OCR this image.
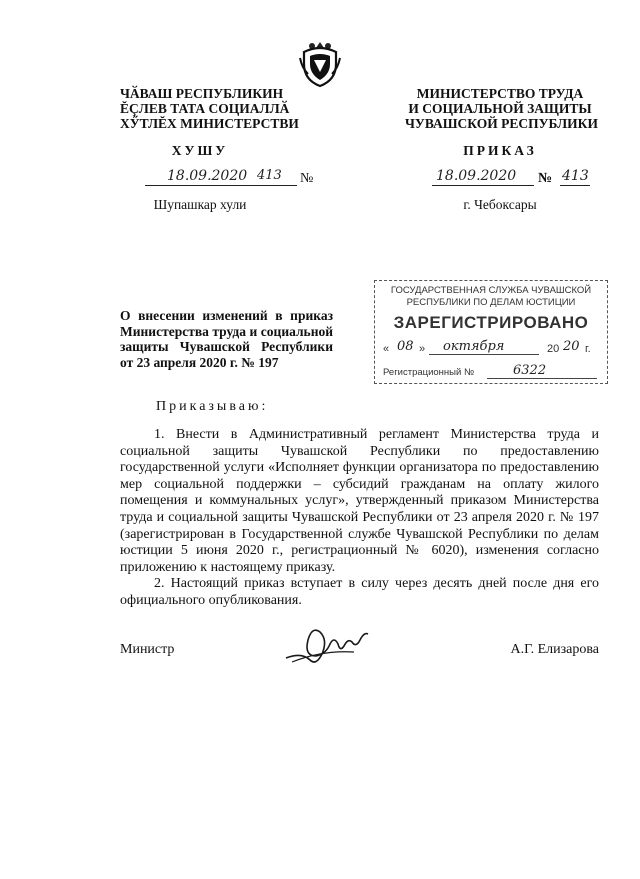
ЧӐВАШ РЕСПУБЛИКИН
ĔÇЛЕВ ТАТА СОЦИАЛЛӐ
ХӲТЛĔХ МИНИСТЕРСТВИ
МИНИСТЕРСТВО ТРУДА
И СОЦИАЛЬНОЙ ЗАЩИТЫ
ЧУВАШСКОЙ РЕСПУБЛИКИ
ХУШУ	ПРИКАЗ
18.09.2020 413 №	18.09.2020 № 413
Шупашкар хули	г. Чебоксары
О внесении изменений в приказ Министерства труда и социальной защиты Чувашской Республики от 23 апреля 2020 г. № 197
ГОСУДАРСТВЕННАЯ СЛУЖБА ЧУВАШСКОЙ
РЕСПУБЛИКИ ПО ДЕЛАМ ЮСТИЦИИ
ЗАРЕГИСТРИРОВАНО
« 08 » октября	20 20 г.
Регистрационный №	6322
Приказываю:

1. Внести в Административный регламент Министерства труда и социальной защиты Чувашской Республики по предоставлению государственной услуги «Исполняет функции организатора по предоставлению мер социальной поддержки – субсидий гражданам на оплату жилого помещения и коммунальных услуг», утвержденный приказом Министерства труда и социальной защиты Чувашской Республики от 23 апреля 2020 г. № 197 (зарегистрирован в Государственной службе Чувашской Республики по делам юстиции 5 июня 2020 г., регистрационный № 6020), изменения согласно приложению к настоящему приказу.

2. Настоящий приказ вступает в силу через десять дней после дня его официального опубликования.

Министр	А.Г. Елизарова
